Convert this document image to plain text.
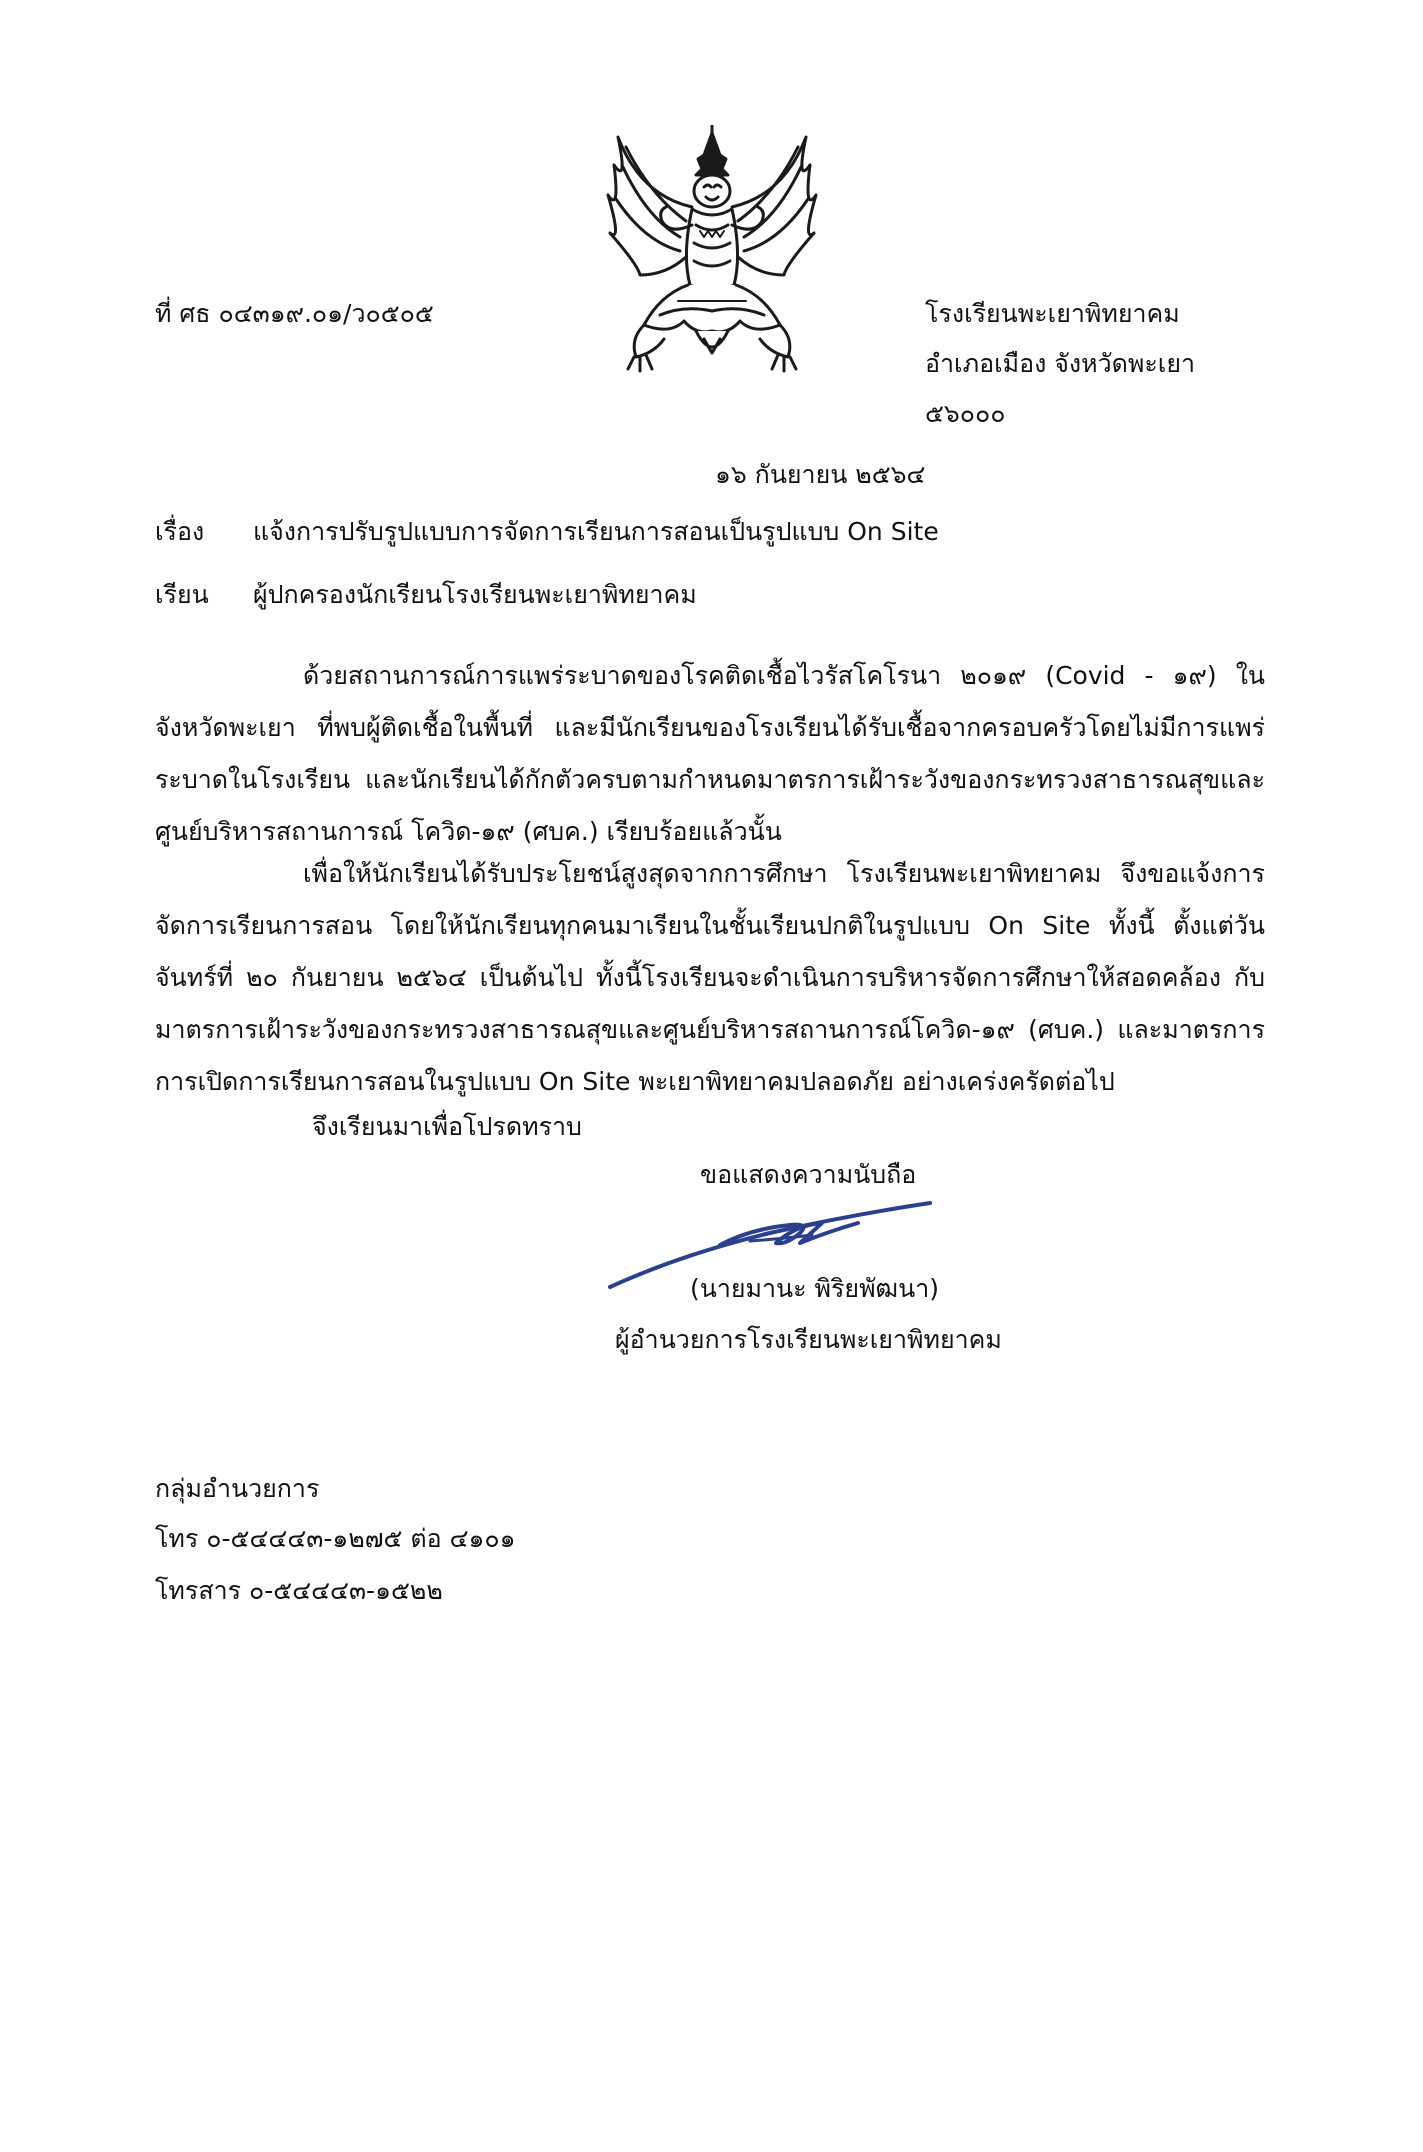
ที่ ศธ ๐๔๓๑๙.๐๑/ว๐๕๐๕	โรงเรียนพะเยาพิทยาคม

อำเภอเมือง จังหวัดพะเยา

๕๖๐๐๐

๑๖ กันยายน ๒๕๖๔

เรื่อง แจ้งการปรับรูปแบบการจัดการเรียนการสอนเป็นรูปแบบ On Site

เรียน ผู้ปกครองนักเรียนโรงเรียนพะเยาพิทยาคม

ด้วยสถานการณ์การแพร่ระบาดของโรคติดเชื้อไวรัสโคโรนา ๒๐๑๙ (Covid - ๑๙) ในจังหวัดพะเยา ที่พบผู้ติดเชื้อในพื้นที่ และมีนักเรียนของโรงเรียนได้รับเชื้อจากครอบครัวโดยไม่มีการแพร่ระบาดในโรงเรียน และนักเรียนได้กักตัวครบตามกำหนดมาตรการเฝ้าระวังของกระทรวงสาธารณสุขและศูนย์บริหารสถานการณ์ โควิด-๑๙ (ศบค.) เรียบร้อยแล้วนั้น

เพื่อให้นักเรียนได้รับประโยชน์สูงสุดจากการศึกษา โรงเรียนพะเยาพิทยาคม จึงขอแจ้งการ จัดการเรียนการสอน โดยให้นักเรียนทุกคนมาเรียนในชั้นเรียนปกติในรูปแบบ On Site ทั้งนี้ ตั้งแต่วันจันทร์ที่ ๒๐ กันยายน ๒๕๖๔ เป็นต้นไป ทั้งนี้โรงเรียนจะดำเนินการบริหารจัดการศึกษาให้สอดคล้อง กับมาตรการเฝ้าระวังของกระทรวงสาธารณสุขและศูนย์บริหารสถานการณ์โควิด-๑๙ (ศบค.) และมาตรการ การเปิดการเรียนการสอนในรูปแบบ On Site พะเยาพิทยาคมปลอดภัย อย่างเคร่งครัดต่อไป

จึงเรียนมาเพื่อโปรดทราบ

ขอแสดงความนับถือ

(นายมานะ พิริยพัฒนา)

ผู้อำนวยการโรงเรียนพะเยาพิทยาคม

กลุ่มอำนวยการ

โทร ๐-๕๔๔๔๓-๑๒๗๕ ต่อ ๔๑๐๑

โทรสาร ๐-๕๔๔๔๓-๑๕๒๒
